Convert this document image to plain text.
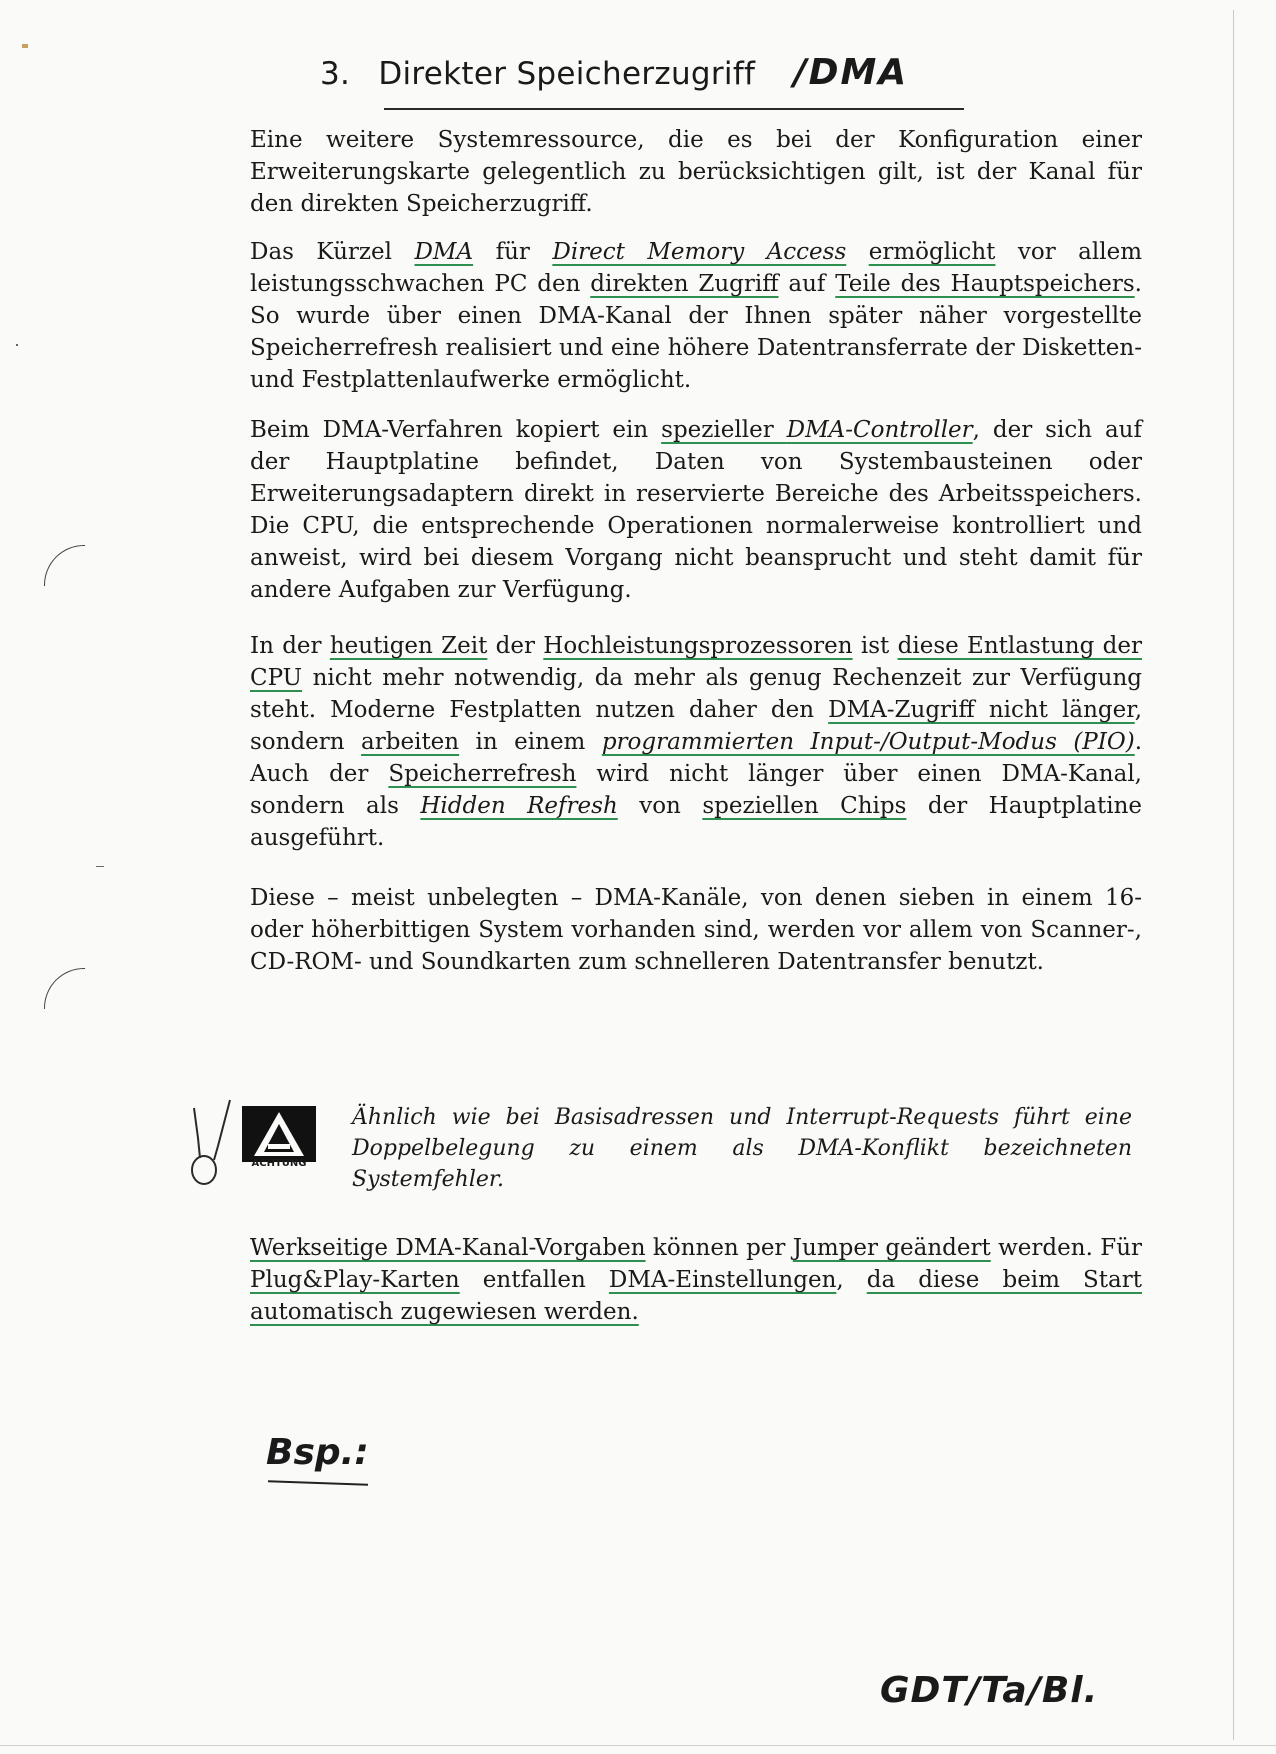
3. Direkter Speicherzugriff /DMA

Eine weitere Systemressource, die es bei der Konfiguration einer Erweiterungskarte gelegentlich zu berücksichtigen gilt, ist der Kanal für den direkten Speicherzugriff.

Das Kürzel DMA für Direct Memory Access ermöglicht vor allem leistungsschwachen PC den direkten Zugriff auf Teile des Hauptspeichers. So wurde über einen DMA-Kanal der Ihnen später näher vorgestellte Speicherrefresh realisiert und eine höhere Datentransferrate der Disketten- und Festplattenlaufwerke ermöglicht.

Beim DMA-Verfahren kopiert ein spezieller DMA-Controller, der sich auf der Hauptplatine befindet, Daten von Systembausteinen oder Erweiterungsadaptern direkt in reservierte Bereiche des Arbeitsspeichers. Die CPU, die entsprechende Operationen normalerweise kontrolliert und anweist, wird bei diesem Vorgang nicht beansprucht und steht damit für andere Aufgaben zur Verfügung.

In der heutigen Zeit der Hochleistungsprozessoren ist diese Entlastung der CPU nicht mehr notwendig, da mehr als genug Rechenzeit zur Verfügung steht. Moderne Festplatten nutzen daher den DMA-Zugriff nicht länger, sondern arbeiten in einem programmierten Input-/Output-Modus (PIO). Auch der Speicherrefresh wird nicht länger über einen DMA-Kanal, sondern als Hidden Refresh von speziellen Chips der Hauptplatine ausgeführt.

Diese – meist unbelegten – DMA-Kanäle, von denen sieben in einem 16- oder höherbittigen System vorhanden sind, werden vor allem von Scanner-, CD-ROM- und Soundkarten zum schnelleren Datentransfer benutzt.

ACHTUNG
Ähnlich wie bei Basisadressen und Interrupt-Requests führt eine Doppelbelegung zu einem als DMA-Konflikt bezeichneten Systemfehler.

Werkseitige DMA-Kanal-Vorgaben können per Jumper geändert werden. Für Plug&Play-Karten entfallen DMA-Einstellungen, da diese beim Start automatisch zugewiesen werden.

Bsp.:
GDT/Ta/Bl.
